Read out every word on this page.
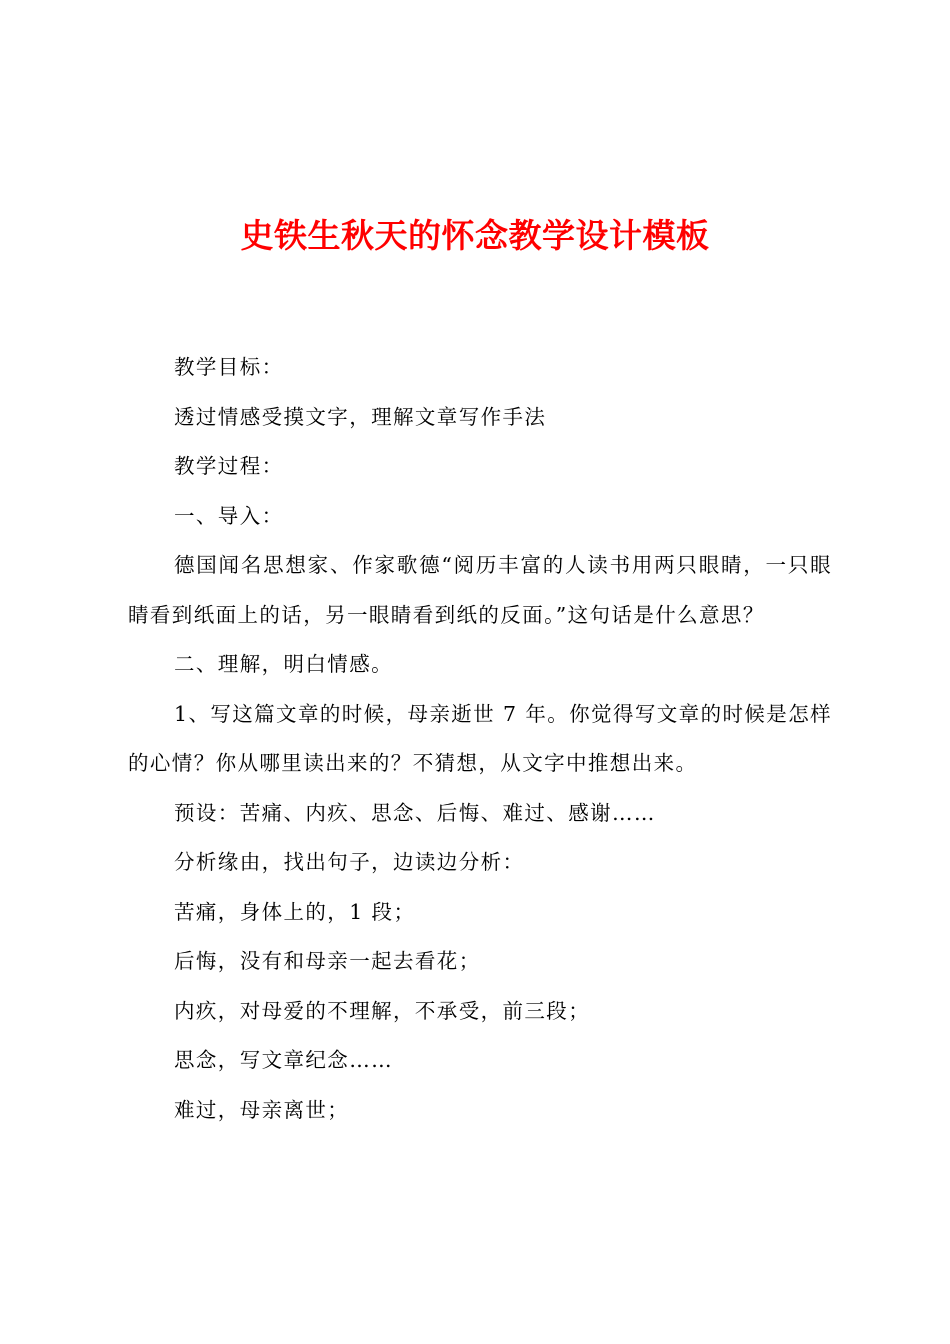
史铁生秋天的怀念教学设计模板

教学目标：

透过情感受摸文字，理解文章写作手法

教学过程：

一、导入：

德国闻名思想家、作家歌德“阅历丰富的人读书用两只眼睛，一只眼睛看到纸面上的话，另一眼睛看到纸的反面。”这句话是什么意思？

二、理解，明白情感。

1、写这篇文章的时候，母亲逝世 7 年。你觉得写文章的时候是怎样的心情？你从哪里读出来的？不猜想，从文字中推想出来。

预设：苦痛、内疚、思念、后悔、难过、感谢……

分析缘由，找出句子，边读边分析：

苦痛，身体上的，1 段；

后悔，没有和母亲一起去看花；

内疚，对母爱的不理解，不承受，前三段；

思念，写文章纪念……

难过，母亲离世；
